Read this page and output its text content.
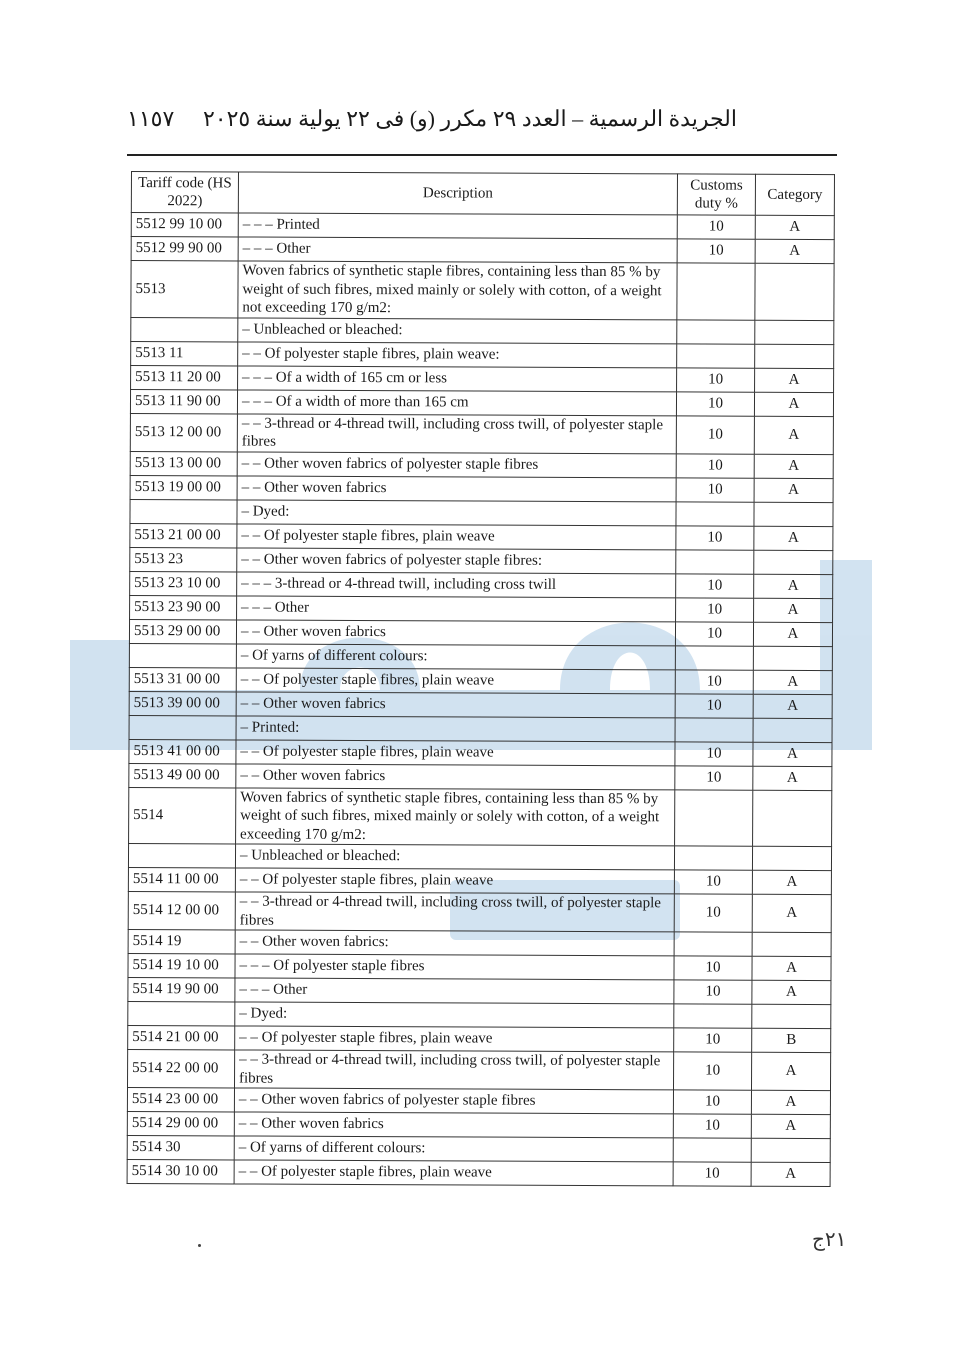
١١٥٧ الجريدة الرسمية – العدد ٢٩ مكرر (و) فى ٢٢ يولية سنة ٢٠٢٥
Tariff code (HS 2022)	Description	Customs duty %	Category
5512 99 10 00	– – – Printed	10	A
5512 99 90 00	– – – Other	10	A
5513	Woven fabrics of synthetic staple fibres, containing less than 85 % by weight of such fibres, mixed mainly or solely with cotton, of a weight not exceeding 170 g/m2:		
	– Unbleached or bleached:		
5513 11	– – Of polyester staple fibres, plain weave:		
5513 11 20 00	– – – Of a width of 165 cm or less	10	A
5513 11 90 00	– – – Of a width of more than 165 cm	10	A
5513 12 00 00	– – 3-thread or 4-thread twill, including cross twill, of polyester staple fibres	10	A
5513 13 00 00	– – Other woven fabrics of polyester staple fibres	10	A
5513 19 00 00	– – Other woven fabrics	10	A
	– Dyed:		
5513 21 00 00	– – Of polyester staple fibres, plain weave	10	A
5513 23	– – Other woven fabrics of polyester staple fibres:		
5513 23 10 00	– – – 3-thread or 4-thread twill, including cross twill	10	A
5513 23 90 00	– – – Other	10	A
5513 29 00 00	– – Other woven fabrics	10	A
	– Of yarns of different colours:		
5513 31 00 00	– – Of polyester staple fibres, plain weave	10	A
5513 39 00 00	– – Other woven fabrics	10	A
	– Printed:		
5513 41 00 00	– – Of polyester staple fibres, plain weave	10	A
5513 49 00 00	– – Other woven fabrics	10	A
5514	Woven fabrics of synthetic staple fibres, containing less than 85 % by weight of such fibres, mixed mainly or solely with cotton, of a weight exceeding 170 g/m2:		
	– Unbleached or bleached:		
5514 11 00 00	– – Of polyester staple fibres, plain weave	10	A
5514 12 00 00	– – 3-thread or 4-thread twill, including cross twill, of polyester staple fibres	10	A
5514 19	– – Other woven fabrics:		
5514 19 10 00	– – – Of polyester staple fibres	10	A
5514 19 90 00	– – – Other	10	A
	– Dyed:		
5514 21 00 00	– – Of polyester staple fibres, plain weave	10	B
5514 22 00 00	– – 3-thread or 4-thread twill, including cross twill, of polyester staple fibres	10	A
5514 23 00 00	– – Other woven fabrics of polyester staple fibres	10	A
5514 29 00 00	– – Other woven fabrics	10	A
5514 30	– Of yarns of different colours:		
5514 30 10 00	– – Of polyester staple fibres, plain weave	10	A
٢١ج
